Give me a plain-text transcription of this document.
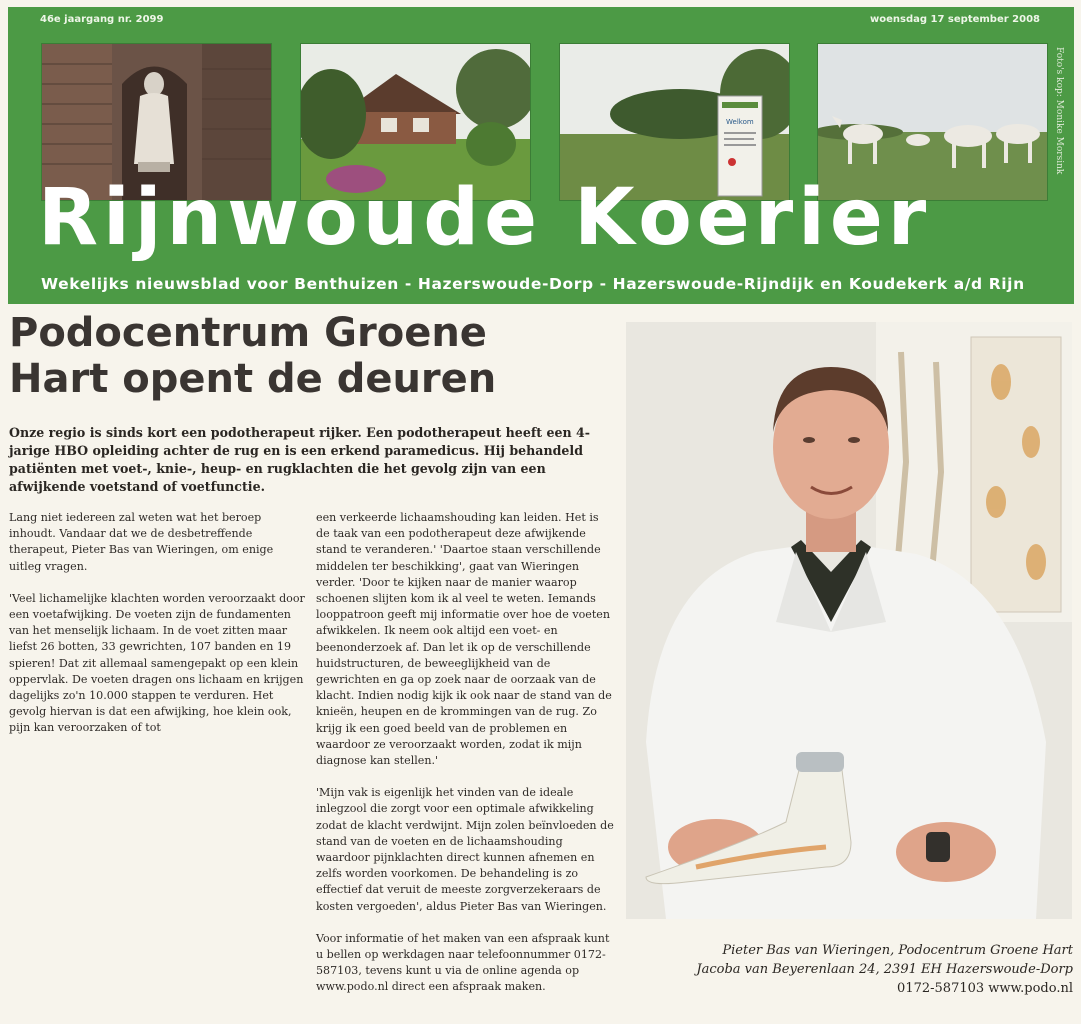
46e jaargang nr. 2099	woensdag 17 september 2008
Welkom	Foto's kop: Monike Morsink
Rijnwoude Koerier
Wekelijks nieuwsblad voor Benthuizen - Hazerswoude-Dorp - Hazerswoude-Rijndijk en Koudekerk a/d Rijn
Podocentrum Groene
Hart opent de deuren
Onze regio is sinds kort een podotherapeut rijker. Een podotherapeut heeft een 4-jarige HBO opleiding achter de rug en is een erkend paramedicus. Hij behandeld patiënten met voet-, knie-, heup- en rugklachten die het gevolg zijn van een afwijkende voetstand of voetfunctie.

Lang niet iedereen zal weten wat het beroep inhoudt. Vandaar dat we de desbetreffende therapeut, Pieter Bas van Wieringen, om enige uitleg vragen.

'Veel lichamelijke klachten worden veroorzaakt door een voetafwijking. De voeten zijn de fundamenten van het menselijk lichaam. In de voet zitten maar liefst 26 botten, 33 gewrichten, 107 banden en 19 spieren! Dat zit allemaal samengepakt op een klein oppervlak. De voeten dragen ons lichaam en krijgen dagelijks zo'n 10.000 stappen te verduren. Het gevolg hiervan is dat een afwijking, hoe klein ook, pijn kan veroorzaken of tot

een verkeerde lichaamshouding kan leiden. Het is de taak van een podotherapeut deze afwijkende stand te veranderen.' 'Daartoe staan verschillende middelen ter beschikking', gaat van Wieringen verder. 'Door te kijken naar de manier waarop schoenen slijten kom ik al veel te weten. Iemands looppatroon geeft mij informatie over hoe de voeten afwikkelen. Ik neem ook altijd een voet- en beenonderzoek af. Dan let ik op de verschillende huidstructuren, de beweeglijkheid van de gewrichten en ga op zoek naar de oorzaak van de klacht. Indien nodig kijk ik ook naar de stand van de knieën, heupen en de krommingen van de rug. Zo krijg ik een goed beeld van de problemen en waardoor ze veroorzaakt worden, zodat ik mijn diagnose kan stellen.'

'Mijn vak is eigenlijk het vinden van de ideale inlegzool die zorgt voor een optimale afwikkeling zodat de klacht verdwijnt. Mijn zolen beïnvloeden de stand van de voeten en de lichaamshouding waardoor pijnklachten direct kunnen afnemen en zelfs worden voorkomen. De behandeling is zo effectief dat veruit de meeste zorgverzekeraars de kosten vergoeden', aldus Pieter Bas van Wieringen.

Voor informatie of het maken van een afspraak kunt u bellen op werkdagen naar telefoonnummer 0172-587103, tevens kunt u via de online agenda op www.podo.nl direct een afspraak maken.

Pieter Bas van Wieringen, Podocentrum Groene Hart
Jacoba van Beyerenlaan 24, 2391 EH Hazerswoude-Dorp
0172-587103 www.podo.nl
